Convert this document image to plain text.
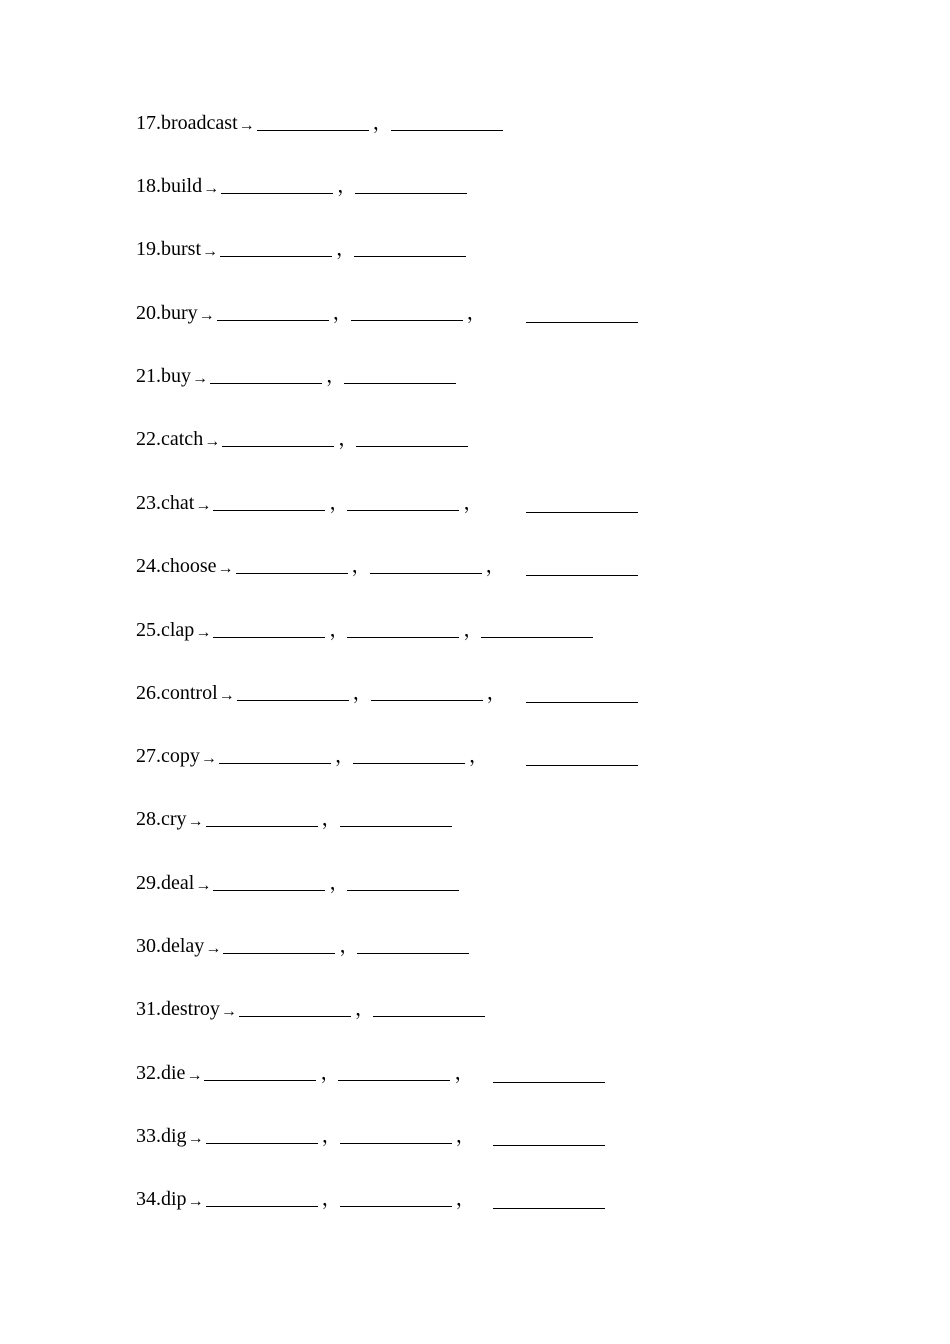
17.broadcast →	，
18.build →	，
19.burst →	，
20.bury →	，	，
21.buy →	，
22.catch →	，
23.chat →	，	，
24.choose →	，	，
25.clap →	，	，
26.control →	，	，
27.copy →	，	，
28.cry →	，
29.deal →	，
30.delay →	，
31.destroy →	，
32.die →	，	，
33.dig →	，	，
34.dip →	，	，
